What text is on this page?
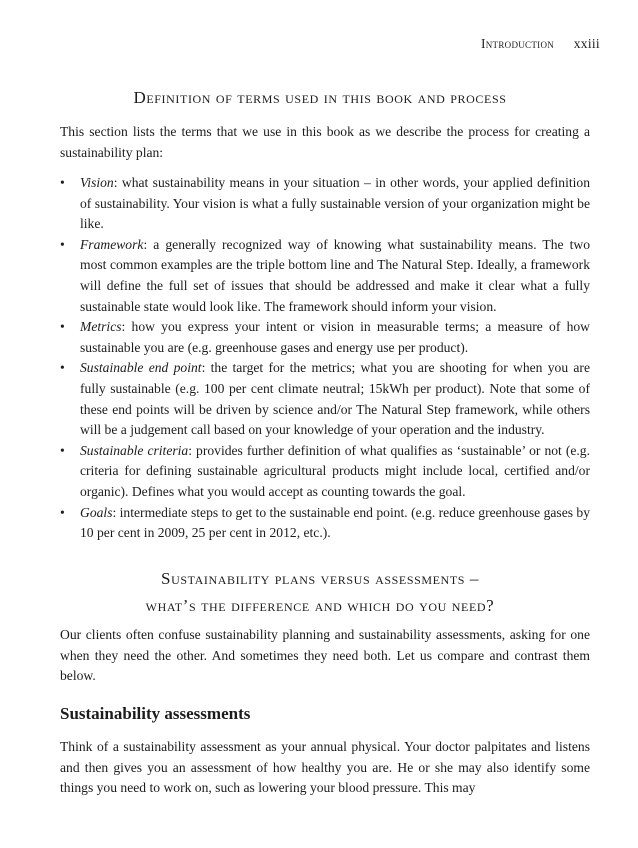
Introduction xxiii
Definition of terms used in this book and process

This section lists the terms that we use in this book as we describe the process for creating a sustainability plan:

• Vision: what sustainability means in your situation – in other words, your applied definition of sustainability. Your vision is what a fully sustainable version of your organization might be like.
• Framework: a generally recognized way of knowing what sustainability means. The two most common examples are the triple bottom line and The Natural Step. Ideally, a framework will define the full set of issues that should be addressed and make it clear what a fully sustainable state would look like. The framework should inform your vision.
• Metrics: how you express your intent or vision in measurable terms; a measure of how sustainable you are (e.g. greenhouse gases and energy use per product).
• Sustainable end point: the target for the metrics; what you are shooting for when you are fully sustainable (e.g. 100 per cent climate neutral; 15kWh per product). Note that some of these end points will be driven by science and/or The Natural Step framework, while others will be a judgement call based on your knowledge of your operation and the industry.
• Sustainable criteria: provides further definition of what qualifies as ‘sustainable’ or not (e.g. criteria for defining sustainable agricultural products might include local, certified and/or organic). Defines what you would accept as counting towards the goal.
• Goals: intermediate steps to get to the sustainable end point. (e.g. reduce greenhouse gases by 10 per cent in 2009, 25 per cent in 2012, etc.).
Sustainability plans versus assessments –
what’s the difference and which do you need?

Our clients often confuse sustainability planning and sustainability assessments, asking for one when they need the other. And sometimes they need both. Let us compare and contrast them below.

Sustainability assessments

Think of a sustainability assessment as your annual physical. Your doctor palpitates and listens and then gives you an assessment of how healthy you are. He or she may also identify some things you need to work on, such as lowering your blood pressure. This may
